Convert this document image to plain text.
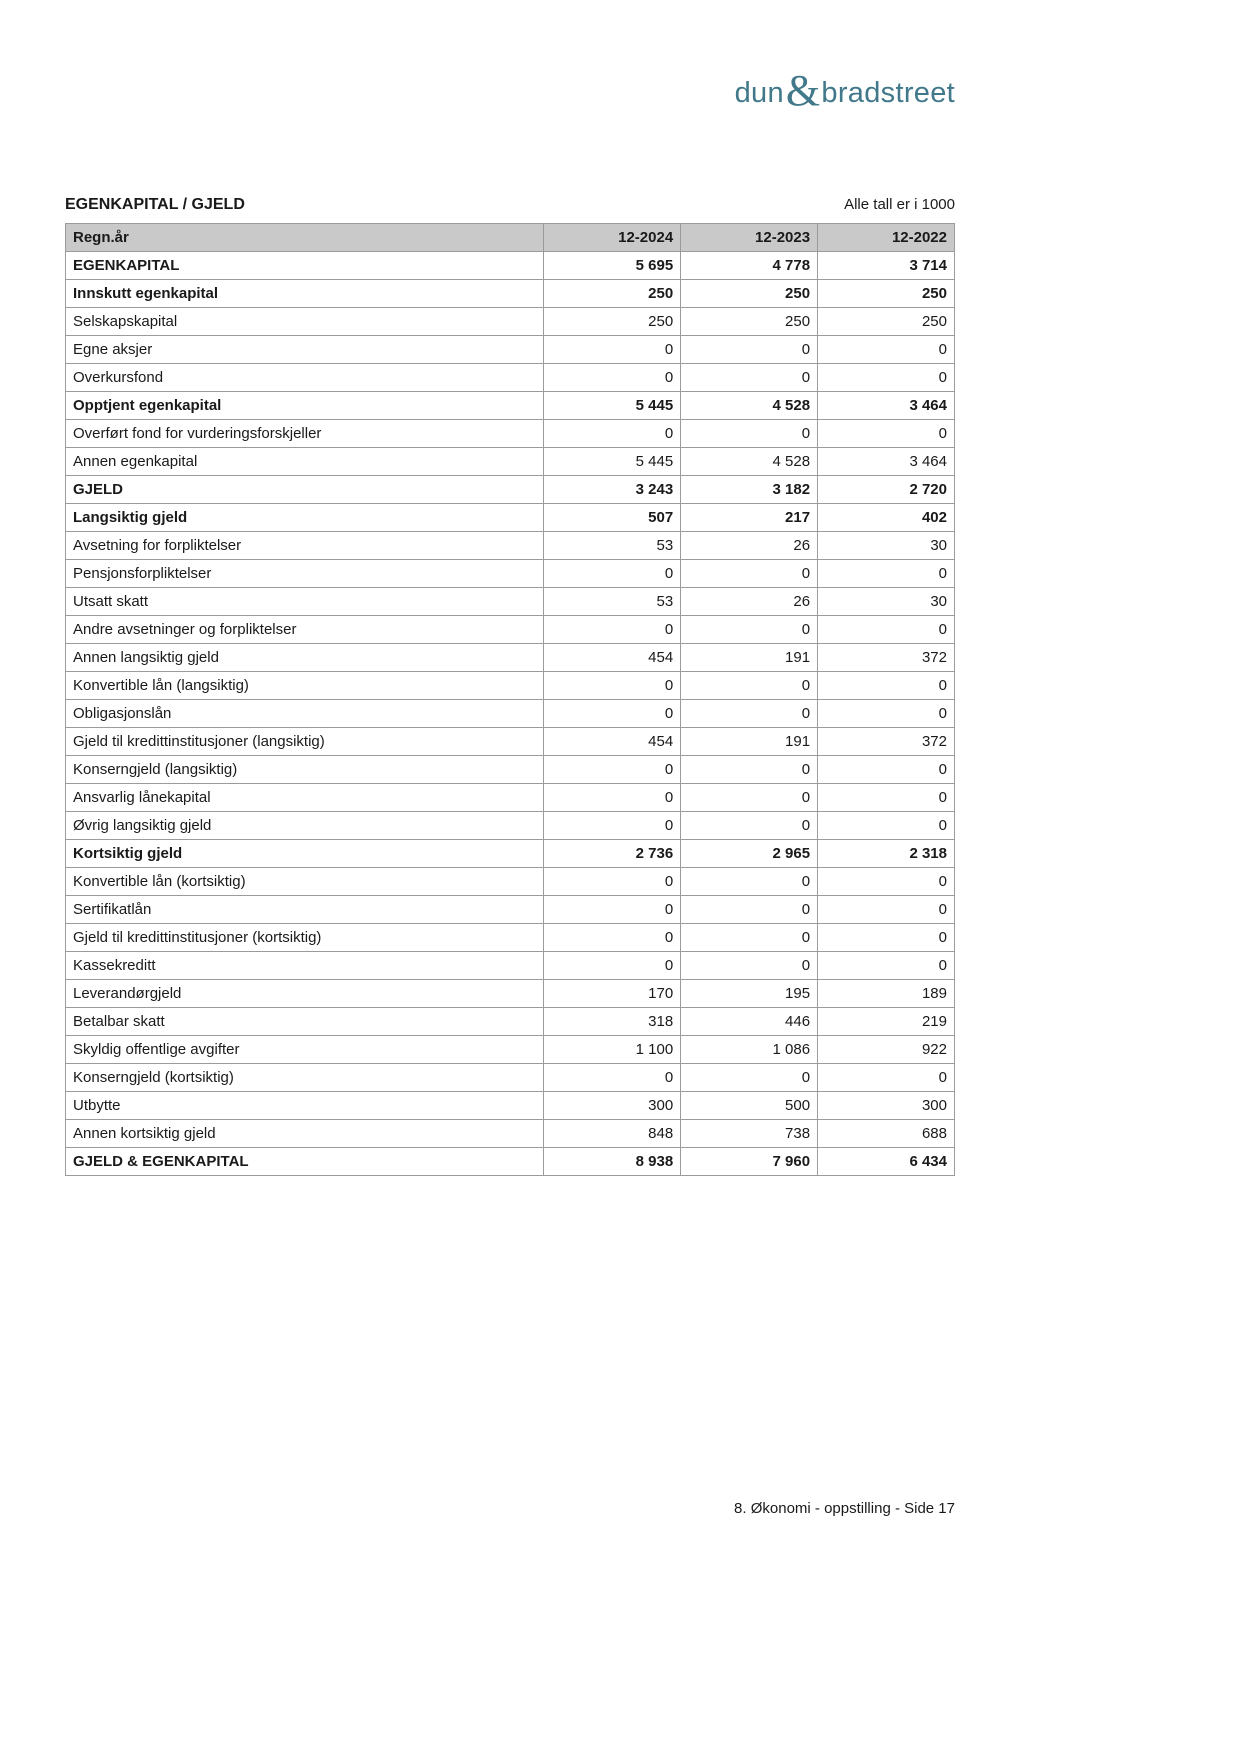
dun & bradstreet
EGENKAPITAL / GJELD	Alle tall er i 1000
Regn.år	12-2024	12-2023	12-2022
EGENKAPITAL	5 695	4 778	3 714
Innskutt egenkapital	250	250	250
Selskapskapital	250	250	250
Egne aksjer	0	0	0
Overkursfond	0	0	0
Opptjent egenkapital	5 445	4 528	3 464
Overført fond for vurderingsforskjeller	0	0	0
Annen egenkapital	5 445	4 528	3 464
GJELD	3 243	3 182	2 720
Langsiktig gjeld	507	217	402
Avsetning for forpliktelser	53	26	30
Pensjonsforpliktelser	0	0	0
Utsatt skatt	53	26	30
Andre avsetninger og forpliktelser	0	0	0
Annen langsiktig gjeld	454	191	372
Konvertible lån (langsiktig)	0	0	0
Obligasjonslån	0	0	0
Gjeld til kredittinstitusjoner (langsiktig)	454	191	372
Konserngjeld (langsiktig)	0	0	0
Ansvarlig lånekapital	0	0	0
Øvrig langsiktig gjeld	0	0	0
Kortsiktig gjeld	2 736	2 965	2 318
Konvertible lån (kortsiktig)	0	0	0
Sertifikatlån	0	0	0
Gjeld til kredittinstitusjoner (kortsiktig)	0	0	0
Kassekreditt	0	0	0
Leverandørgjeld	170	195	189
Betalbar skatt	318	446	219
Skyldig offentlige avgifter	1 100	1 086	922
Konserngjeld (kortsiktig)	0	0	0
Utbytte	300	500	300
Annen kortsiktig gjeld	848	738	688
GJELD & EGENKAPITAL	8 938	7 960	6 434
8. Økonomi - oppstilling - Side 17
